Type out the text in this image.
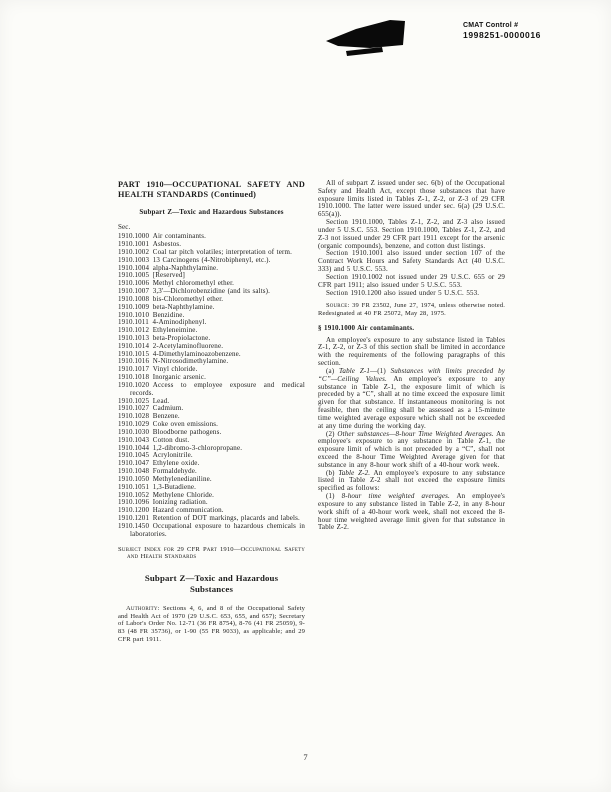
CMAT Control #
1998251-0000016
PART 1910—OCCUPATIONAL SAFETY AND HEALTH STANDARDS (Continued)
Subpart Z—Toxic and Hazardous Substances
Sec.
1910.1000 Air contaminants.
1910.1001 Asbestos.
1910.1002 Coal tar pitch volatiles; interpretation of term.
1910.1003 13 Carcinogens (4-Nitrobiphenyl, etc.).
1910.1004 alpha-Naphthylamine.
1910.1005 [Reserved]
1910.1006 Methyl chloromethyl ether.
1910.1007 3,3'—Dichlorobenzidine (and its salts).
1910.1008 bis-Chloromethyl ether.
1910.1009 beta-Naphthylamine.
1910.1010 Benzidine.
1910.1011 4-Aminodiphenyl.
1910.1012 Ethyleneimine.
1910.1013 beta-Propiolactone.
1910.1014 2-Acetylaminofluorene.
1910.1015 4-Dimethylaminoazobenzene.
1910.1016 N-Nitrosodimethylamine.
1910.1017 Vinyl chloride.
1910.1018 Inorganic arsenic.
1910.1020 Access to employee exposure and medical records.
1910.1025 Lead.
1910.1027 Cadmium.
1910.1028 Benzene.
1910.1029 Coke oven emissions.
1910.1030 Bloodborne pathogens.
1910.1043 Cotton dust.
1910.1044 1,2-dibromo-3-chloropropane.
1910.1045 Acrylonitrile.
1910.1047 Ethylene oxide.
1910.1048 Formaldehyde.
1910.1050 Methylenedianiline.
1910.1051 1,3-Butadiene.
1910.1052 Methylene Chloride.
1910.1096 Ionizing radiation.
1910.1200 Hazard communication.
1910.1201 Retention of DOT markings, placards and labels.
1910.1450 Occupational exposure to hazardous chemicals in laboratories.
Subject Index for 29 CFR Part 1910—Occupational Safety and Health Standards
Subpart Z—Toxic and Hazardous Substances
Authority: Sections 4, 6, and 8 of the Occupational Safety and Health Act of 1970 (29 U.S.C. 653, 655, and 657); Secretary of Labor's Order No. 12-71 (36 FR 8754), 8-76 (41 FR 25059), 9-83 (48 FR 35736), or 1-90 (55 FR 9033), as applicable; and 29 CFR part 1911.

All of subpart Z issued under sec. 6(b) of the Occupational Safety and Health Act, except those substances that have exposure limits listed in Tables Z-1, Z-2, or Z-3 of 29 CFR 1910.1000. The latter were issued under sec. 6(a) (29 U.S.C. 655(a)).

Section 1910.1000, Tables Z-1, Z-2, and Z-3 also issued under 5 U.S.C. 553. Section 1910.1000, Tables Z-1, Z-2, and Z-3 not issued under 29 CFR part 1911 except for the arsenic (organic compounds), benzene, and cotton dust listings.

Section 1910.1001 also issued under section 107 of the Contract Work Hours and Safety Standards Act (40 U.S.C. 333) and 5 U.S.C. 553.

Section 1910.1002 not issued under 29 U.S.C. 655 or 29 CFR part 1911; also issued under 5 U.S.C. 553.

Section 1910.1200 also issued under 5 U.S.C. 553.

Source: 39 FR 23502, June 27, 1974, unless otherwise noted. Redesignated at 40 FR 25072, May 28, 1975.

§ 1910.1000 Air contaminants.

An employee's exposure to any substance listed in Tables Z-1, Z-2, or Z-3 of this section shall be limited in accordance with the requirements of the following paragraphs of this section.

(a) Table Z-1—(1) Substances with limits preceded by “C”—Ceiling Values. An employee's exposure to any substance in Table Z-1, the exposure limit of which is preceded by a “C”, shall at no time exceed the exposure limit given for that substance. If instantaneous monitoring is not feasible, then the ceiling shall be assessed as a 15-minute time weighted average exposure which shall not be exceeded at any time during the working day.

(2) Other substances—8-hour Time Weighted Averages. An employee's exposure to any substance in Table Z-1, the exposure limit of which is not preceded by a “C”, shall not exceed the 8-hour Time Weighted Average given for that substance in any 8-hour work shift of a 40-hour work week.

(b) Table Z-2. An employee's exposure to any substance listed in Table Z-2 shall not exceed the exposure limits specified as follows:

(1) 8-hour time weighted averages. An employee's exposure to any substance listed in Table Z-2, in any 8-hour work shift of a 40-hour work week, shall not exceed the 8-hour time weighted average limit given for that substance in Table Z-2.

7
